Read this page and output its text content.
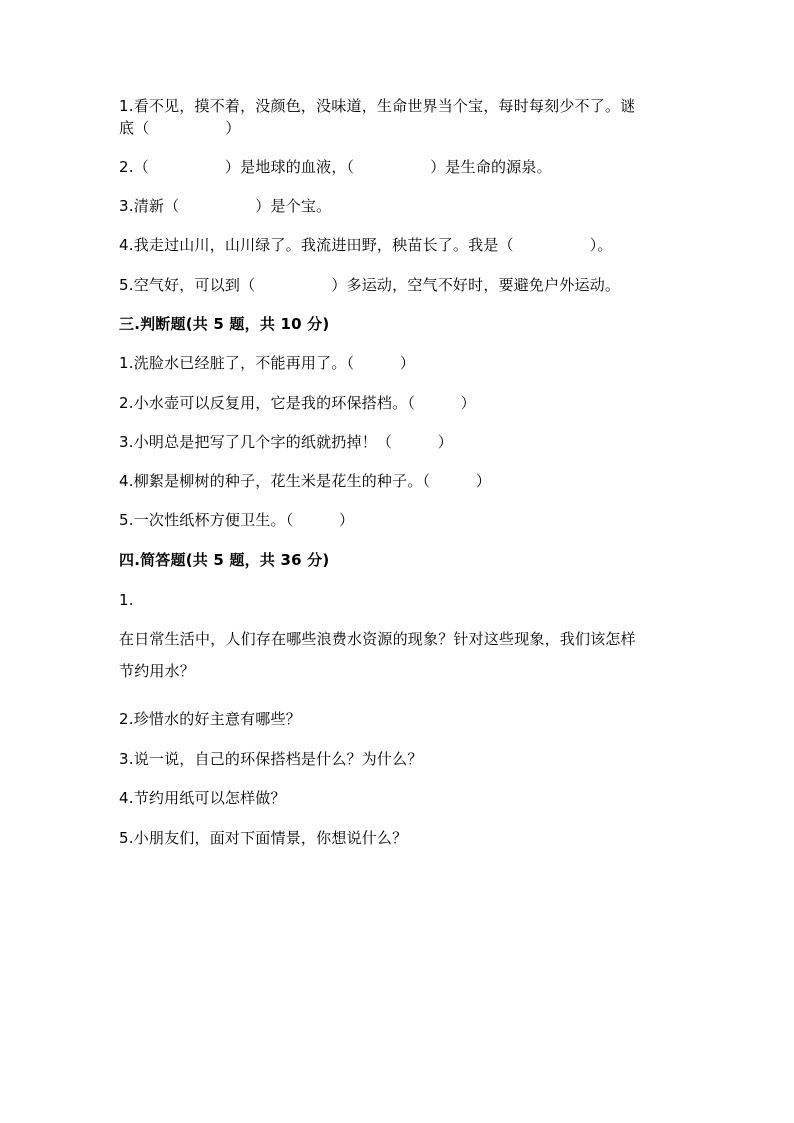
1.看不见，摸不着，没颜色，没味道，生命世界当个宝，每时每刻少不了。谜
底（　　　　　）
2.（　　　　　）是地球的血液，（　　　　　）是生命的源泉。
3.清新（　　　　　）是个宝。
4.我走过山川，山川绿了。我流进田野，秧苗长了。我是（　　　　　）。
5.空气好，可以到（　　　　　）多运动，空气不好时，要避免户外运动。
三.判断题(共 5 题，共 10 分)
1.洗脸水已经脏了，不能再用了。（　　　）
2.小水壶可以反复用，它是我的环保搭档。（　　　）
3.小明总是把写了几个字的纸就扔掉！（　　　）
4.柳絮是柳树的种子，花生米是花生的种子。（　　　）
5.一次性纸杯方便卫生。（　　　）
四.简答题(共 5 题，共 36 分)
1.
在日常生活中，人们存在哪些浪费水资源的现象？针对这些现象，我们该怎样
节约用水？
2.珍惜水的好主意有哪些？
3.说一说，自己的环保搭档是什么？为什么？
4.节约用纸可以怎样做？
5.小朋友们，面对下面情景，你想说什么？
